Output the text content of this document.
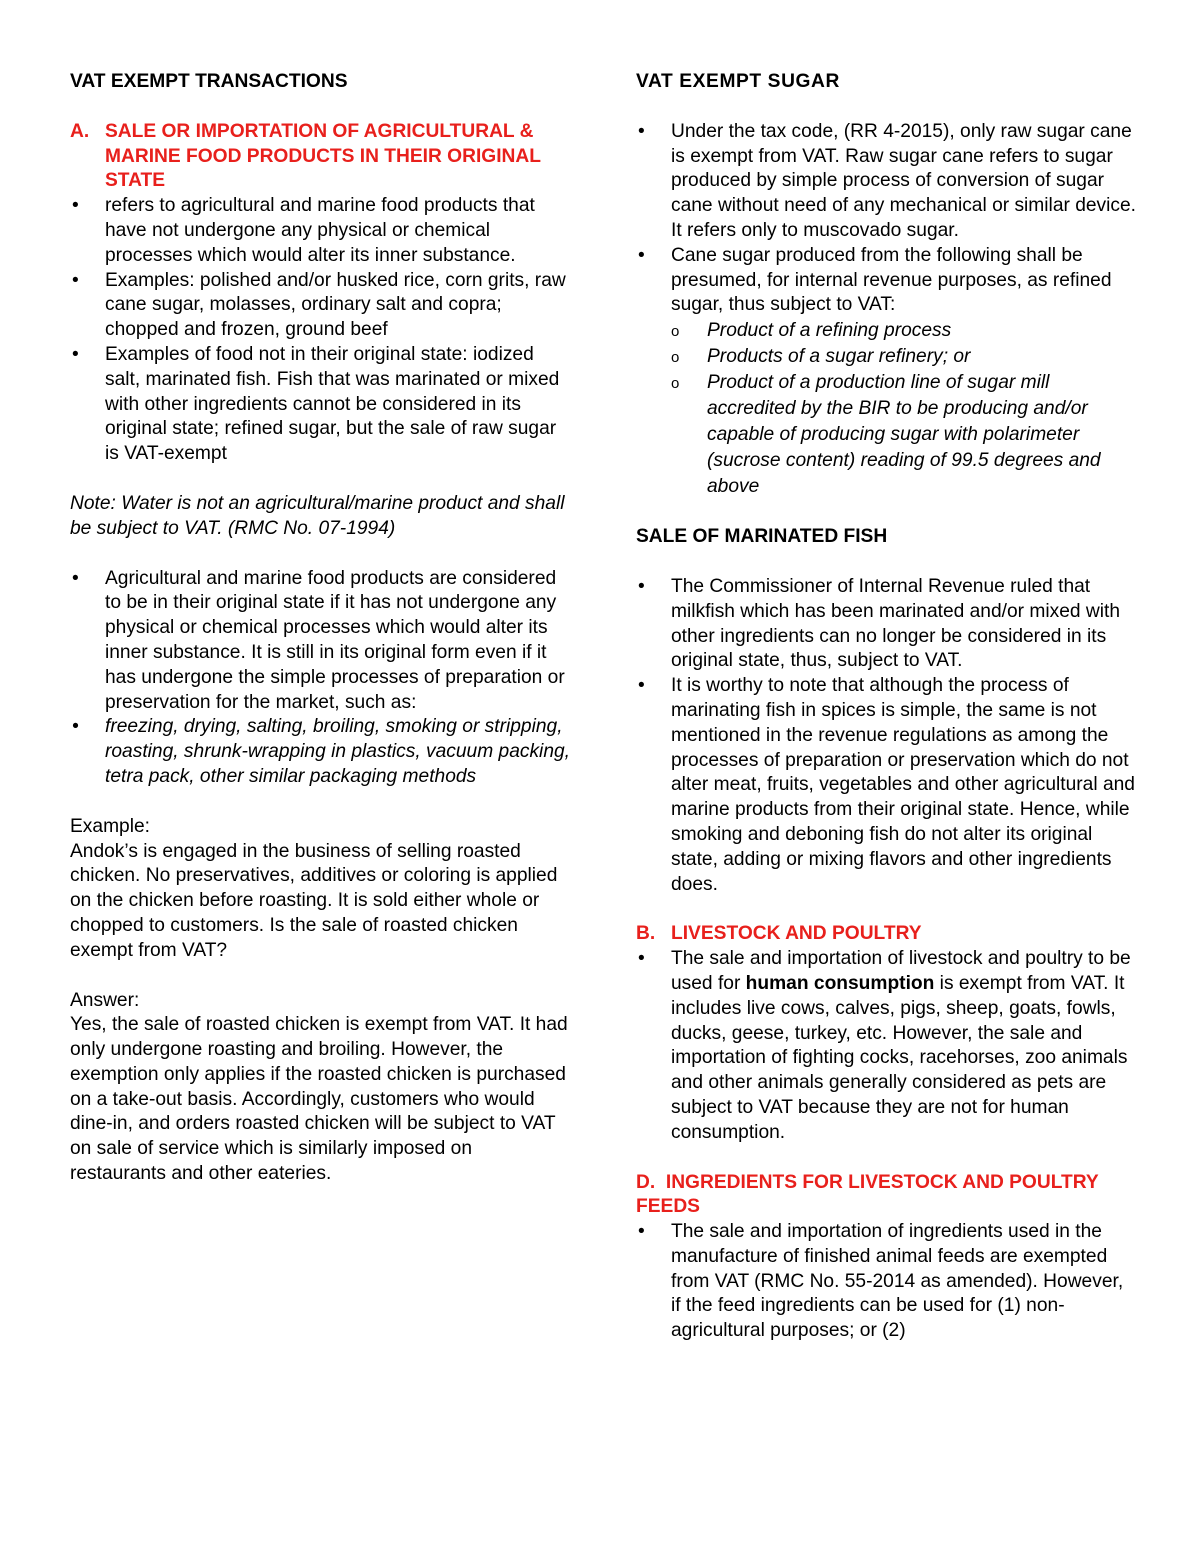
VAT EXEMPT TRANSACTIONS

A. SALE OR IMPORTATION OF AGRICULTURAL & MARINE FOOD PRODUCTS IN THEIR ORIGINAL STATE
• refers to agricultural and marine food products that have not undergone any physical or chemical processes which would alter its inner substance.
• Examples: polished and/or husked rice, corn grits, raw cane sugar, molasses, ordinary salt and copra; chopped and frozen, ground beef
• Examples of food not in their original state: iodized salt, marinated fish. Fish that was marinated or mixed with other ingredients cannot be considered in its original state; refined sugar, but the sale of raw sugar is VAT-exempt

Note: Water is not an agricultural/marine product and shall be subject to VAT. (RMC No. 07-1994)

• Agricultural and marine food products are considered to be in their original state if it has not undergone any physical or chemical processes which would alter its inner substance. It is still in its original form even if it has undergone the simple processes of preparation or preservation for the market, such as:
• freezing, drying, salting, broiling, smoking or stripping, roasting, shrunk-wrapping in plastics, vacuum packing, tetra pack, other similar packaging methods

Example:

Andok’s is engaged in the business of selling roasted chicken. No preservatives, additives or coloring is applied on the chicken before roasting. It is sold either whole or chopped to customers. Is the sale of roasted chicken exempt from VAT?

Answer:

Yes, the sale of roasted chicken is exempt from VAT. It had only undergone roasting and broiling. However, the exemption only applies if the roasted chicken is purchased on a take-out basis. Accordingly, customers who would dine-in, and orders roasted chicken will be subject to VAT on sale of service which is similarly imposed on restaurants and other eateries.

VAT EXEMPT SUGAR

• Under the tax code, (RR 4-2015), only raw sugar cane is exempt from VAT. Raw sugar cane refers to sugar produced by simple process of conversion of sugar cane without need of any mechanical or similar device. It refers only to muscovado sugar.
• Cane sugar produced from the following shall be presumed, for internal revenue purposes, as refined sugar, thus subject to VAT:
o Product of a refining process
o Products of a sugar refinery; or
o Product of a production line of sugar mill accredited by the BIR to be producing and/or capable of producing sugar with polarimeter (sucrose content) reading of 99.5 degrees and above

SALE OF MARINATED FISH

• The Commissioner of Internal Revenue ruled that milkfish which has been marinated and/or mixed with other ingredients can no longer be considered in its original state, thus, subject to VAT.
• It is worthy to note that although the process of marinating fish in spices is simple, the same is not mentioned in the revenue regulations as among the processes of preparation or preservation which do not alter meat, fruits, vegetables and other agricultural and marine products from their original state. Hence, while smoking and deboning fish do not alter its original state, adding or mixing flavors and other ingredients does.
B. LIVESTOCK AND POULTRY
• The sale and importation of livestock and poultry to be used for human consumption is exempt from VAT. It includes live cows, calves, pigs, sheep, goats, fowls, ducks, geese, turkey, etc. However, the sale and importation of fighting cocks, racehorses, zoo animals and other animals generally considered as pets are subject to VAT because they are not for human consumption.

D. INGREDIENTS FOR LIVESTOCK AND POULTRY FEEDS

• The sale and importation of ingredients used in the manufacture of finished animal feeds are exempted from VAT (RMC No. 55-2014 as amended). However, if the feed ingredients can be used for (1) non-agricultural purposes; or (2)
